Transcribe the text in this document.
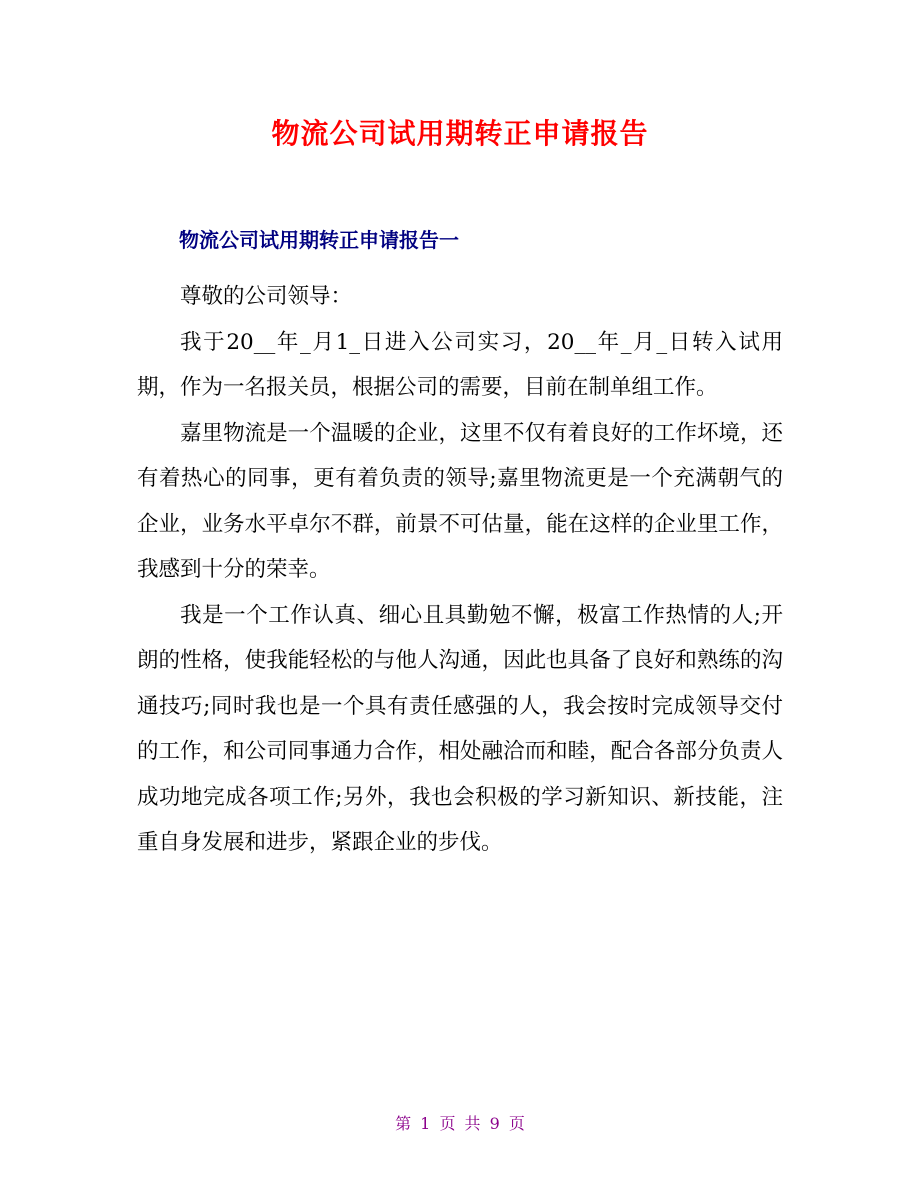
物流公司试用期转正申请报告
物流公司试用期转正申请报告一

尊敬的公司领导：

我于20__年_月1_日进入公司实习，20__年_月_日转入试用期，作为一名报关员，根据公司的需要，目前在制单组工作。

嘉里物流是一个温暖的企业，这里不仅有着良好的工作坏境，还有着热心的同事，更有着负责的领导;嘉里物流更是一个充满朝气的企业，业务水平卓尔不群，前景不可估量，能在这样的企业里工作，我感到十分的荣幸。

我是一个工作认真、细心且具勤勉不懈，极富工作热情的人;开朗的性格，使我能轻松的与他人沟通，因此也具备了良好和熟练的沟通技巧;同时我也是一个具有责任感强的人，我会按时完成领导交付的工作，和公司同事通力合作，相处融洽而和睦，配合各部分负责人成功地完成各项工作;另外，我也会积极的学习新知识、新技能，注重自身发展和进步，紧跟企业的步伐。

第 1 页 共 9 页
